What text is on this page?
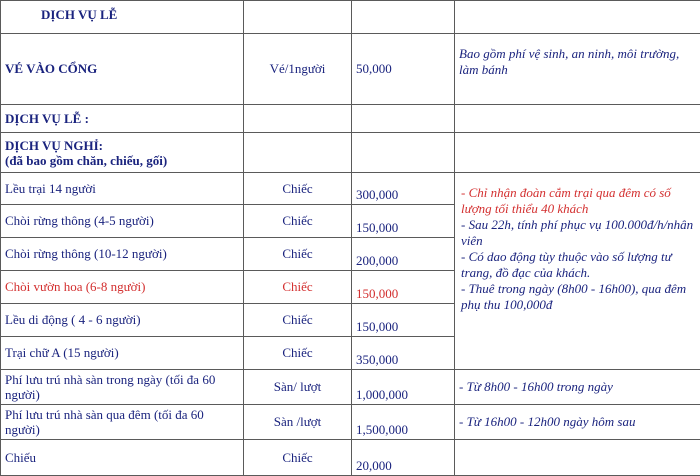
DỊCH VỤ LỄ			
VÉ VÀO CỔNG	Vé/1người	50,000	Bao gồm phí vệ sinh, an ninh, môi trường, làm bánh
DỊCH VỤ LỄ :			

DỊCH VỤ NGHỈ:
(đã bao gồm chăn, chiếu, gối)			

Lều trại 14 người	Chiếc	300,000	- Chỉ nhận đoàn cắm trại qua đêm có số lượng tối thiểu 40 khách
- Sau 22h, tính phí phục vụ 100.000đ/h/nhân viên
- Có dao động tùy thuộc vào số lượng tư trang, đồ đạc của khách.
- Thuê trong ngày (8h00 - 16h00), qua đêm phụ thu 100,000đ

Chòi rừng thông (4-5 người)	Chiếc	150,000	
Chòi rừng thông (10-12 người)	Chiếc	200,000	
Chòi vườn hoa (6-8 người)	Chiếc	150,000	
Lều di động ( 4 - 6 người)	Chiếc	150,000	
Trại chữ A (15 người)	Chiếc	350,000	
Phí lưu trú nhà sàn trong ngày (tối đa 60 người)	Sàn/ lượt	1,000,000	- Từ 8h00 - 16h00 trong ngày
Phí lưu trú nhà sàn qua đêm (tối đa 60 người)	Sàn /lượt	1,500,000	- Từ 16h00 - 12h00 ngày hôm sau
Chiếu	Chiếc	20,000	
